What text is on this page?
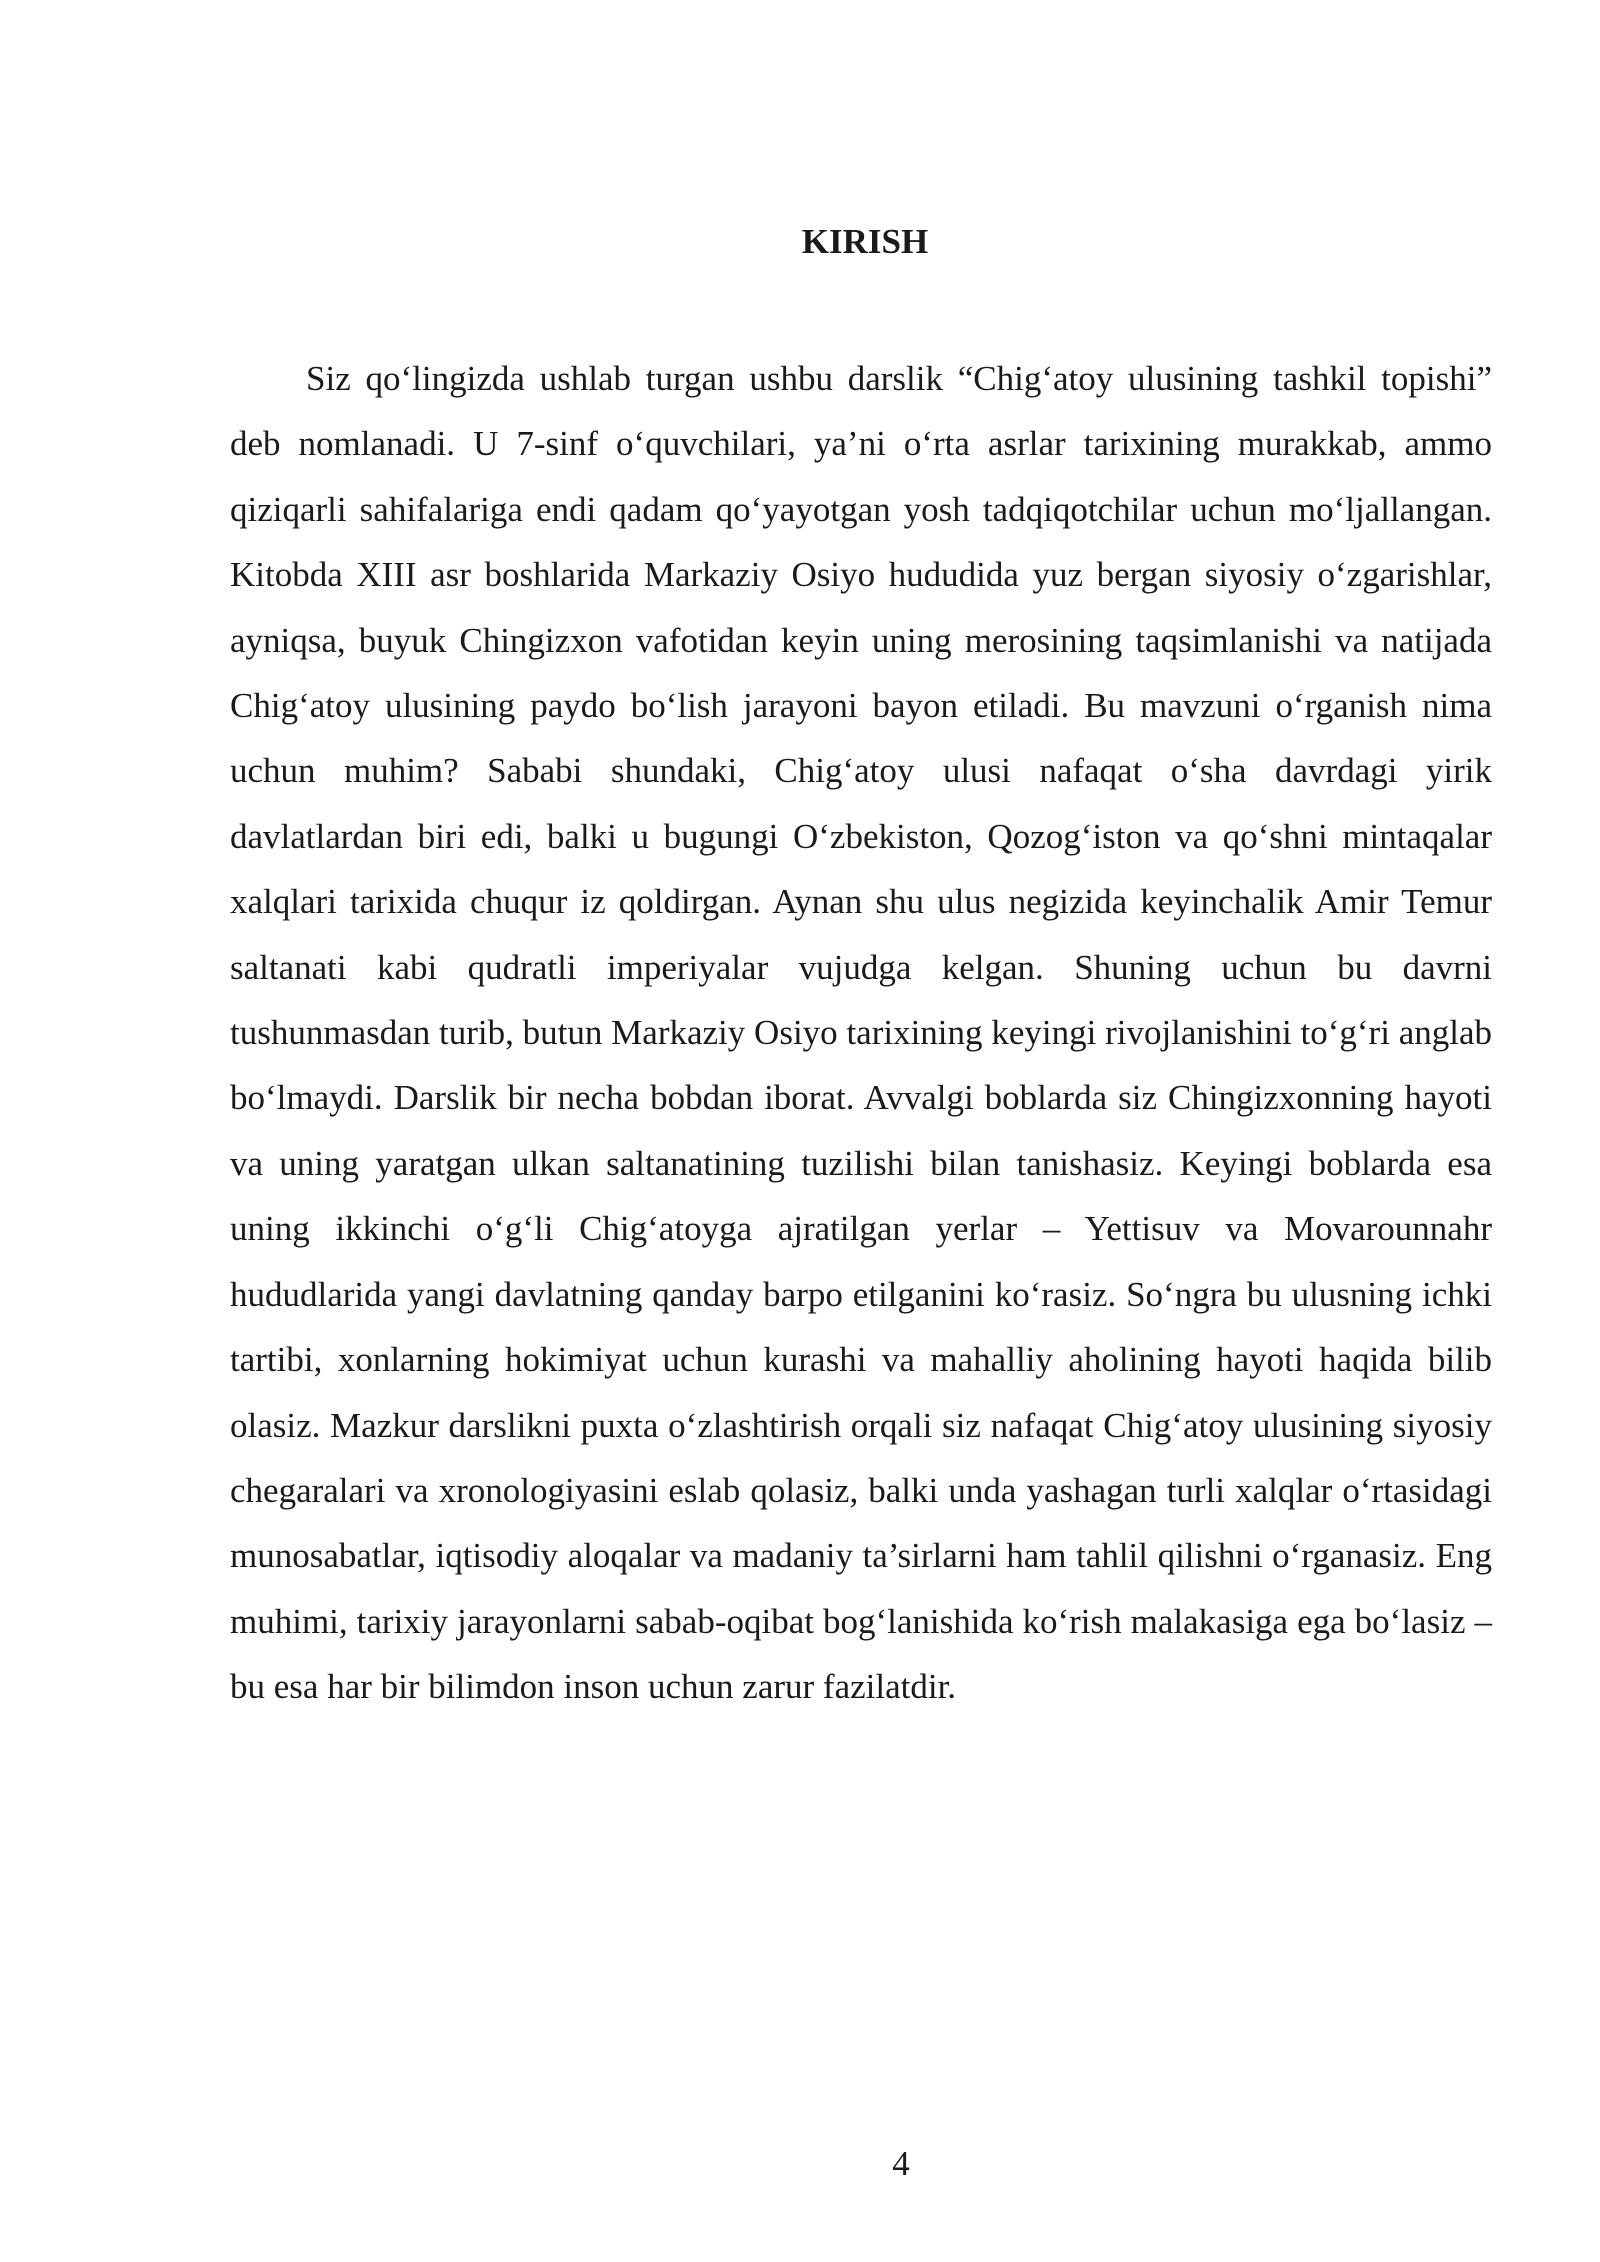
KIRISH

Siz qo‘lingizda ushlab turgan ushbu darslik “Chig‘atoy ulusining tashkil topishi” deb nomlanadi. U 7-sinf o‘quvchilari, ya’ni o‘rta asrlar tarixining murakkab, ammo qiziqarli sahifalariga endi qadam qo‘yayotgan yosh tadqiqotchilar uchun mo‘ljallangan. Kitobda XIII asr boshlarida Markaziy Osiyo hududida yuz bergan siyosiy o‘zgarishlar, ayniqsa, buyuk Chingizxon vafotidan keyin uning merosining taqsimlanishi va natijada Chig‘atoy ulusining paydo bo‘lish jarayoni bayon etiladi. Bu mavzuni o‘rganish nima uchun muhim? Sababi shundaki, Chig‘atoy ulusi nafaqat o‘sha davrdagi yirik davlatlardan biri edi, balki u bugungi O‘zbekiston, Qozog‘iston va qo‘shni mintaqalar xalqlari tarixida chuqur iz qoldirgan. Aynan shu ulus negizida keyinchalik Amir Temur saltanati kabi qudratli imperiyalar vujudga kelgan. Shuning uchun bu davrni tushunmasdan turib, butun Markaziy Osiyo tarixining keyingi rivojlanishini to‘g‘ri anglab bo‘lmaydi. Darslik bir necha bobdan iborat. Avvalgi boblarda siz Chingizxonning hayoti va uning yaratgan ulkan saltanatining tuzilishi bilan tanishasiz. Keyingi boblarda esa uning ikkinchi o‘g‘li Chig‘atoyga ajratilgan yerlar – Yettisuv va Movarounnahr hududlarida yangi davlatning qanday barpo etilganini ko‘rasiz. So‘ngra bu ulusning ichki tartibi, xonlarning hokimiyat uchun kurashi va mahalliy aholining hayoti haqida bilib olasiz. Mazkur darslikni puxta o‘zlashtirish orqali siz nafaqat Chig‘atoy ulusining siyosiy chegaralari va xronologiyasini eslab qolasiz, balki unda yashagan turli xalqlar o‘rtasidagi munosabatlar, iqtisodiy aloqalar va madaniy ta’sirlarni ham tahlil qilishni o‘rganasiz. Eng muhimi, tarixiy jarayonlarni sabab-oqibat bog‘lanishida ko‘rish malakasiga ega bo‘lasiz – bu esa har bir bilimdon inson uchun zarur fazilatdir.

4
